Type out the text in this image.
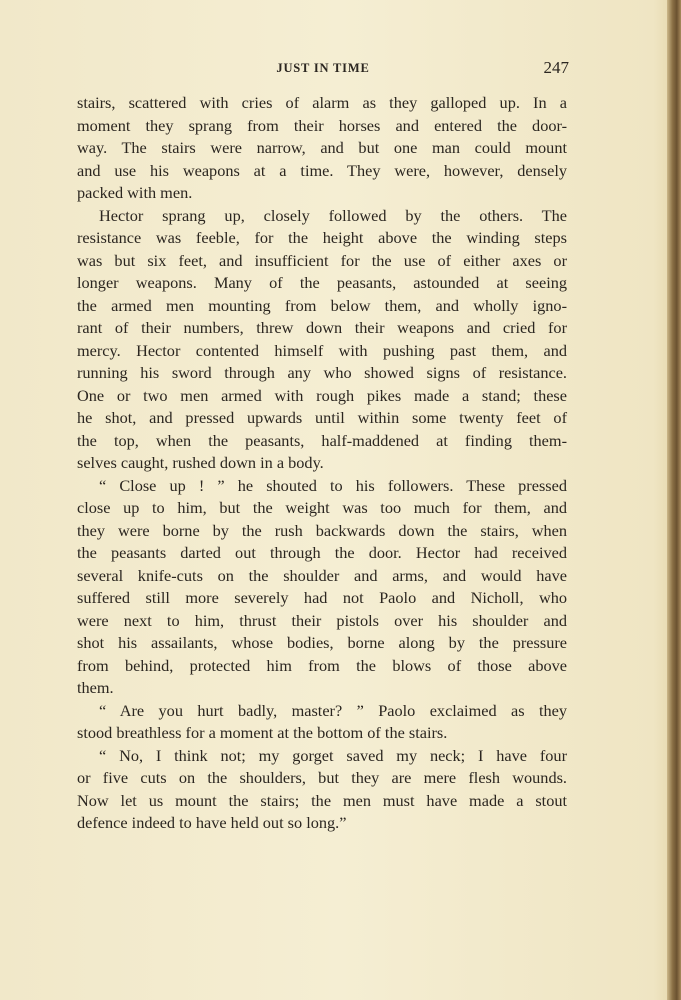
JUST IN TIME	247

stairs, scattered with cries of alarm as they galloped up. In a

moment they sprang from their horses and entered the door-

way. The stairs were narrow, and but one man could mount

and use his weapons at a time. They were, however, densely

packed with men.

Hector sprang up, closely followed by the others. The

resistance was feeble, for the height above the winding steps

was but six feet, and insufficient for the use of either axes or

longer weapons. Many of the peasants, astounded at seeing

the armed men mounting from below them, and wholly igno-

rant of their numbers, threw down their weapons and cried for

mercy. Hector contented himself with pushing past them, and

running his sword through any who showed signs of resistance.

One or two men armed with rough pikes made a stand; these

he shot, and pressed upwards until within some twenty feet of

the top, when the peasants, half-maddened at finding them-

selves caught, rushed down in a body.

“ Close up ! ” he shouted to his followers. These pressed

close up to him, but the weight was too much for them, and

they were borne by the rush backwards down the stairs, when

the peasants darted out through the door. Hector had received

several knife-cuts on the shoulder and arms, and would have

suffered still more severely had not Paolo and Nicholl, who

were next to him, thrust their pistols over his shoulder and

shot his assailants, whose bodies, borne along by the pressure

from behind, protected him from the blows of those above

them.

“ Are you hurt badly, master? ” Paolo exclaimed as they

stood breathless for a moment at the bottom of the stairs.

“ No, I think not; my gorget saved my neck; I have four

or five cuts on the shoulders, but they are mere flesh wounds.

Now let us mount the stairs; the men must have made a stout

defence indeed to have held out so long.”
